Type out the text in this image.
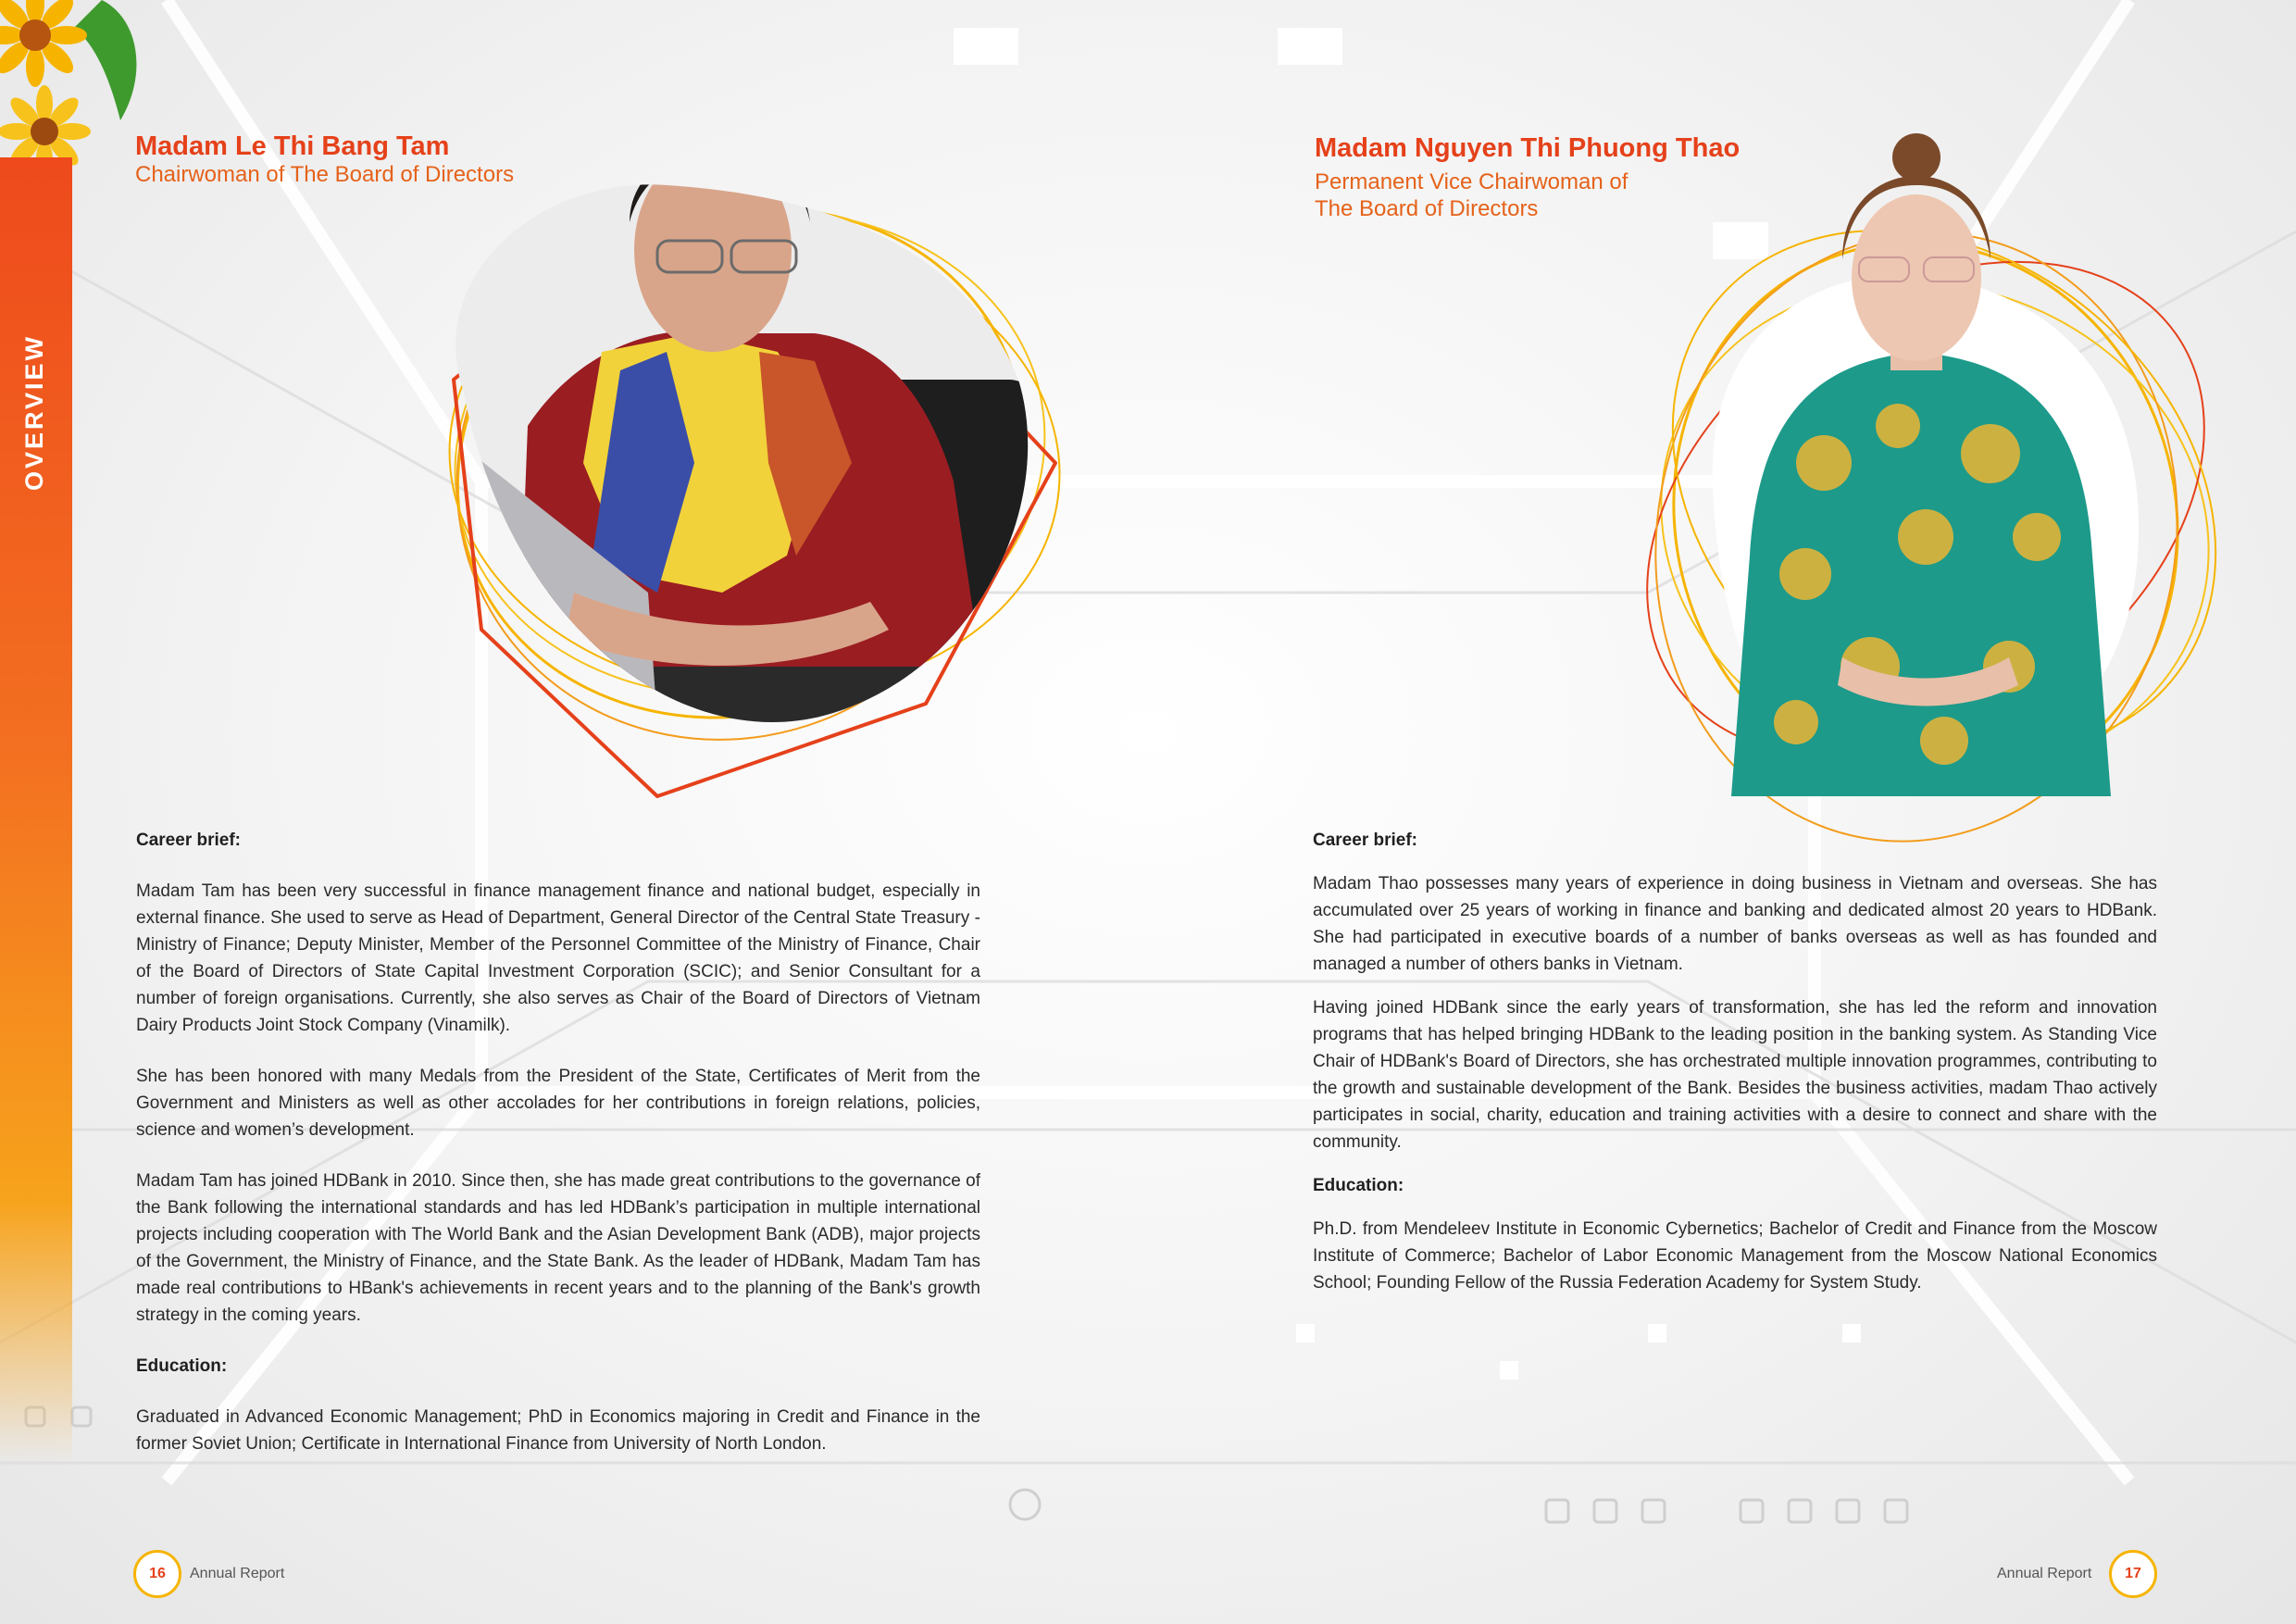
OVERVIEW
Madam Le Thi Bang Tam
Chairwoman of The Board of Directors
Career brief:

Madam Tam has been very successful in finance management finance and national budget, especially in external finance. She used to serve as Head of Department, General Director of the Central State Treasury - Ministry of Finance; Deputy Minister, Member of the Personnel Committee of the Ministry of Finance, Chair of the Board of Directors of State Capital Investment Corporation (SCIC); and Senior Consultant for a number of foreign organisations. Currently, she also serves as Chair of the Board of Directors of Vietnam Dairy Products Joint Stock Company (Vinamilk).

She has been honored with many Medals from the President of the State, Certificates of Merit from the Government and Ministers as well as other accolades for her contributions in foreign relations, policies, science and women’s development.

Madam Tam has joined HDBank in 2010. Since then, she has made great contributions to the governance of the Bank following the international standards and has led HDBank’s participation in multiple international projects including cooperation with The World Bank and the Asian Development Bank (ADB), major projects of the Government, the Ministry of Finance, and the State Bank. As the leader of HDBank, Madam Tam has made real contributions to HBank's achievements in recent years and to the planning of the Bank's growth strategy in the coming years.

Education:

Graduated in Advanced Economic Management; PhD in Economics majoring in Credit and Finance in the former Soviet Union; Certificate in International Finance from University of North London.

Madam Nguyen Thi Phuong Thao
Permanent Vice Chairwoman of
The Board of Directors
Career brief:

Madam Thao possesses many years of experience in doing business in Vietnam and overseas. She has accumulated over 25 years of working in finance and banking and dedicated almost 20 years to HDBank. She had participated in executive boards of a number of banks overseas as well as has founded and managed a number of others banks in Vietnam.

Having joined HDBank since the early years of transformation, she has led the reform and innovation programs that has helped bringing HDBank to the leading position in the banking system. As Standing Vice Chair of HDBank's Board of Directors, she has orchestrated multiple innovation programmes, contributing to the growth and sustainable development of the Bank. Besides the business activities, madam Thao actively participates in social, charity, education and training activities with a desire to connect and share with the community.

Education:

Ph.D. from Mendeleev Institute in Economic Cybernetics; Bachelor of Credit and Finance from the Moscow Institute of Commerce; Bachelor of Labor Economic Management from the Moscow National Economics School; Founding Fellow of the Russia Federation Academy for System Study.

16	Annual Report	Annual Report	17
